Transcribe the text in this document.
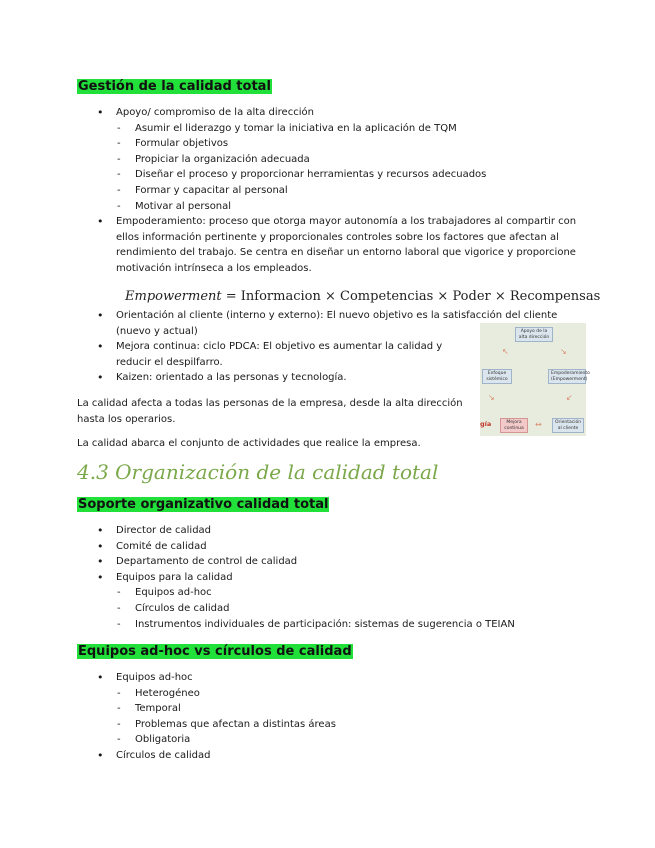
Gestión de la calidad total
• Apoyo/ compromiso de la alta dirección
- Asumir el liderazgo y tomar la iniciativa en la aplicación de TQM
- Formular objetivos
- Propiciar la organización adecuada
- Diseñar el proceso y proporcionar herramientas y recursos adecuados
- Formar y capacitar al personal
- Motivar al personal
• Empoderamiento: proceso que otorga mayor autonomía a los trabajadores al compartir con ellos información pertinente y proporcionales controles sobre los factores que afectan al rendimiento del trabajo. Se centra en diseñar un entorno laboral que vigorice y proporcione motivación intrínseca a los empleados.
Empowerment = Informacion × Competencias × Poder × Recompensas
• Orientación al cliente (interno y externo): El nuevo objetivo es la satisfacción del cliente (nuevo y actual)
• Mejora continua: ciclo PDCA: El objetivo es aumentar la calidad y reducir el despilfarro.
• Kaizen: orientado a las personas y tecnología.
La calidad afecta a todas las personas de la empresa, desde la alta dirección hasta los operarios.
La calidad abarca el conjunto de actividades que realice la empresa.
Apoyo de la alta dirección
Enfoque sistémico
Empoderamiento (Empowerment)
Mejora continua
Orientación al cliente
↖	↘
↘	↙
↔
gía
4.3 Organización de la calidad total
Soporte organizativo calidad total
• Director de calidad
• Comité de calidad
• Departamento de control de calidad
• Equipos para la calidad
- Equipos ad-hoc
- Círculos de calidad
- Instrumentos individuales de participación: sistemas de sugerencia o TEIAN
Equipos ad-hoc vs círculos de calidad
• Equipos ad-hoc
- Heterogéneo
- Temporal
- Problemas que afectan a distintas áreas
- Obligatoria
• Círculos de calidad
